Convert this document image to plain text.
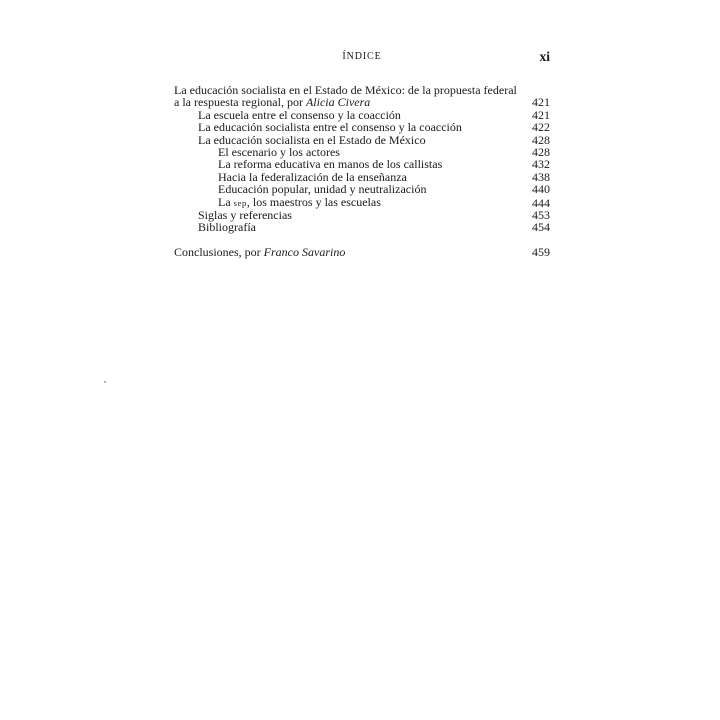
ÍNDICE	xi
La educación socialista en el Estado de México: de la propuesta federal a la respuesta regional, por Alicia Civera	421
La escuela entre el consenso y la coacción	421
La educación socialista entre el consenso y la coacción	422
La educación socialista en el Estado de México	428
El escenario y los actores	428
La reforma educativa en manos de los callistas	432
Hacia la federalización de la enseñanza	438
Educación popular, unidad y neutralización	440
La sep, los maestros y las escuelas	444
Siglas y referencias	453
Bibliografía	454
Conclusiones, por Franco Savarino	459
